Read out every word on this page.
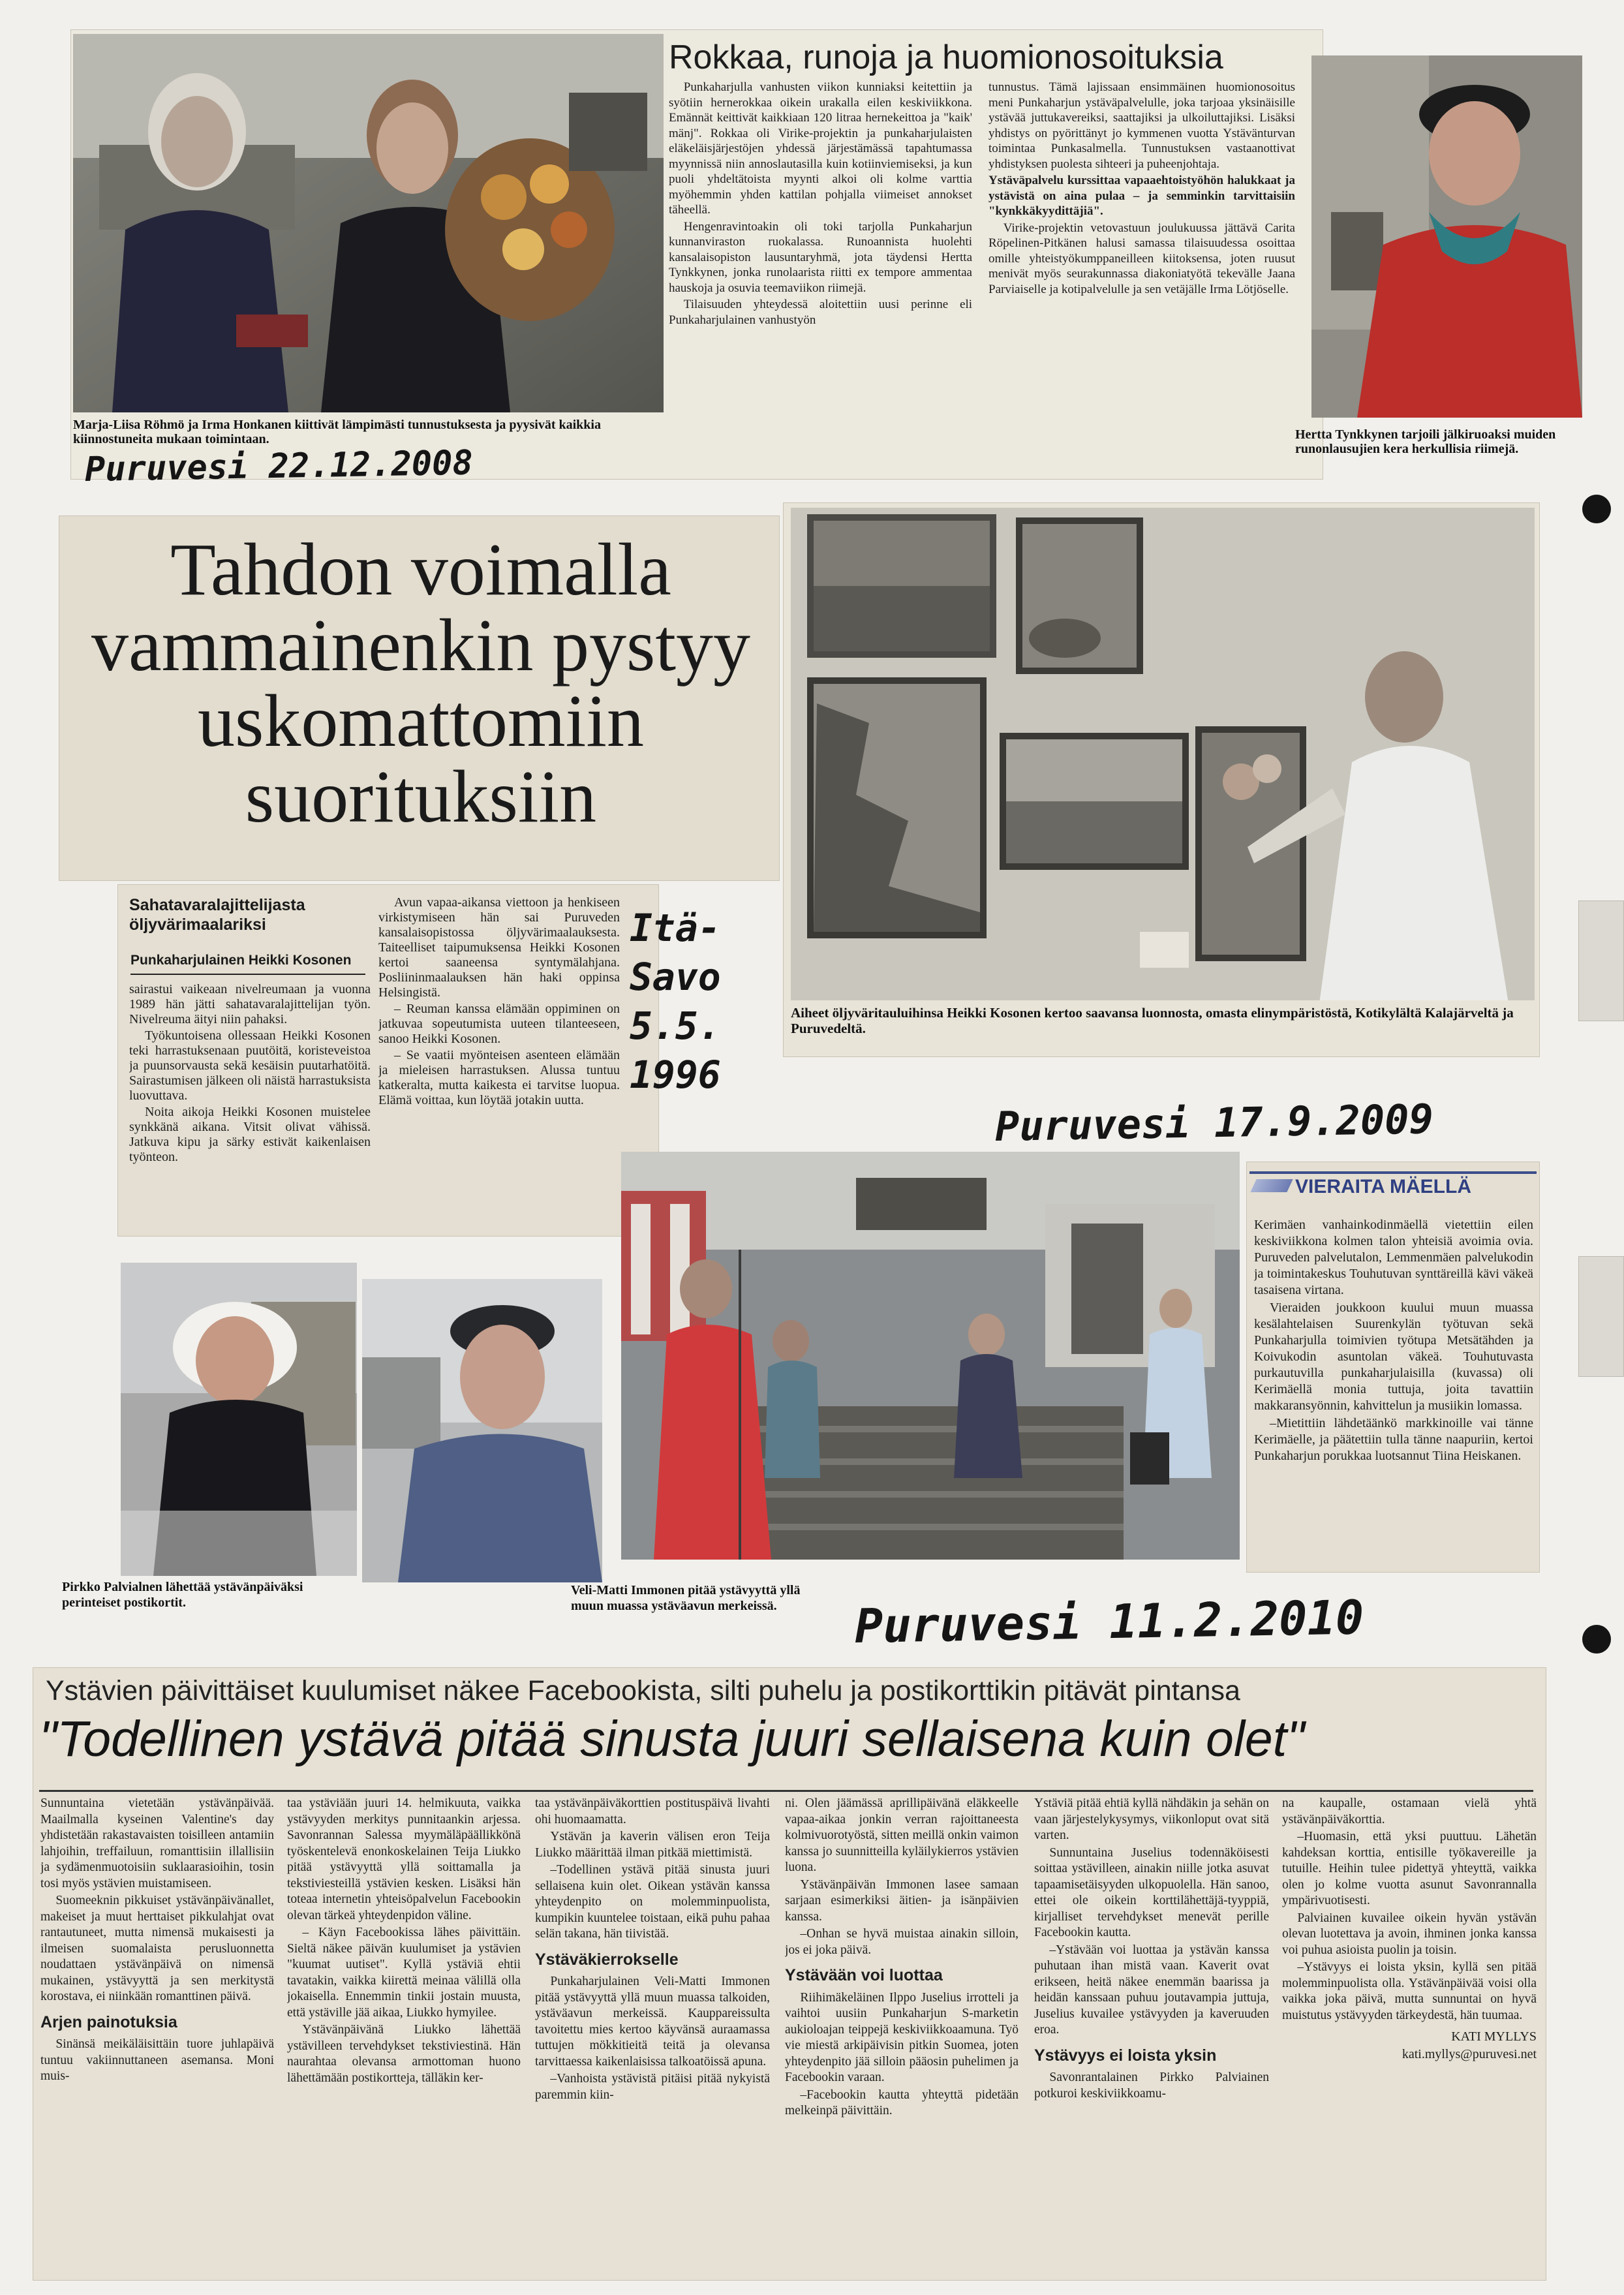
Marja-Liisa Röhmö ja Irma Honkanen kiittivät lämpimästi tunnustuksesta ja pyysivät kaikkia kiinnostuneita mukaan toimintaan.
Rokkaa, runoja ja huomionosoituksia

Punkaharjulla vanhusten viikon kunniaksi keitettiin ja syötiin hernerokkaa oikein urakalla eilen keskiviikkona. Emännät keittivät kaikkiaan 120 litraa hernekeittoa ja "kaik' mänj". Rokkaa oli Virike-projektin ja punkaharjulaisten eläkeläisjärjestöjen yhdessä järjestämässä tapahtumassa myynnissä niin annoslautasilla kuin kotiinviemiseksi, ja kun puoli yhdeltätoista myynti alkoi oli kolme varttia myöhemmin yhden kattilan pohjalla viimeiset annokset täheellä.

Hengenravintoakin oli toki tarjolla Punkaharjun kunnanviraston ruokalassa. Runoannista huolehti kansalaisopiston lausuntaryhmä, jota täydensi Hertta Tynkkynen, jonka runolaarista riitti ex tempore ammentaa hauskoja ja osuvia teemaviikon riimejä.

Tilaisuuden yhteydessä aloitettiin uusi perinne eli Punkaharjulainen vanhustyön

tunnustus. Tämä lajissaan ensimmäinen huomionosoitus meni Punkaharjun ystäväpalvelulle, joka tarjoaa yksinäisille ystävää juttukavereiksi, saattajiksi ja ulkoiluttajiksi. Lisäksi yhdistys on pyörittänyt jo kymmenen vuotta Ystävänturvan toimintaa Punkasalmella. Tunnustuksen vastaanottivat yhdistyksen puolesta sihteeri ja puheenjohtaja.

Ystäväpalvelu kurssittaa vapaaehtoistyöhön halukkaat ja ystävistä on aina pulaa – ja semminkin tarvittaisiin "kynkkäkyydittäjiä".

Virike-projektin vetovastuun joulukuussa jättävä Carita Röpelinen-Pitkänen halusi samassa tilaisuudessa osoittaa omille yhteistyökumppaneilleen kiitoksensa, joten ruusut menivät myös seurakunnassa diakoniatyötä tekevälle Jaana Parviaiselle ja kotipalvelulle ja sen vetäjälle Irma Lötjöselle.

Hertta Tynkkynen tarjoili jälkiruoaksi muiden runonlausujien kera herkullisia riimejä.
Puruvesi 22.12.2008
Tahdon voimalla vammainenkin pystyy uskomattomiin suorituksiin
Sahatavaralajittelijasta öljyvärimaalariksi
Punkaharjulainen Heikki Kosonen

sairastui vaikeaan nivelreumaan ja vuonna 1989 hän jätti sahatavaralajittelijan työn. Nivelreuma äityi niin pahaksi.

Työkuntoisena ollessaan Heikki Kosonen teki harrastuksenaan puutöitä, koristeveistoa ja puunsorvausta sekä kesäisin puutarhatöitä. Sairastumisen jälkeen oli näistä harrastuksista luovuttava.

Noita aikoja Heikki Kosonen muistelee synkkänä aikana. Vitsit olivat vähissä. Jatkuva kipu ja särky estivät kaikenlaisen työnteon.

Avun vapaa-aikansa viettoon ja henkiseen virkistymiseen hän sai Puruveden kansalaisopistossa öljyvärimaalauksesta. Taiteelliset taipumuksensa Heikki Kosonen kertoi saaneensa syntymälahjana. Posliininmaalauksen hän haki oppinsa Helsingistä.

– Reuman kanssa elämään oppiminen on jatkuvaa sopeutumista uuteen tilanteeseen, sanoo Heikki Kosonen.

– Se vaatii myönteisen asenteen elämään ja mieleisen harrastuksen. Alussa tuntuu katkeralta, mutta kaikesta ei tarvitse luopua. Elämä voittaa, kun löytää jotakin uutta.

Itä-
Savo
5.5.
1996
Aiheet öljyväritauluihinsa Heikki Kosonen kertoo saavansa luonnosta, omasta elinympäristöstä, Kotikylältä Kalajärveltä ja Puruvedeltä.
Puruvesi 17.9.2009
VIERAITA MÄELLÄ

Kerimäen vanhainkodinmäellä vietettiin eilen keskiviikkona kolmen talon yhteisiä avoimia ovia. Puruveden palvelutalon, Lemmenmäen palvelukodin ja toimintakeskus Touhutuvan synttäreillä kävi väkeä tasaisena virtana.

Vieraiden joukkoon kuului muun muassa kesälahtelaisen Suurenkylän työtuvan sekä Punkaharjulla toimivien työtupa Metsätähden ja Koivukodin asuntolan väkeä. Touhutuvasta purkautuvilla punkaharjulaisilla (kuvassa) oli Kerimäellä monia tuttuja, joita tavattiin makkaransyönnin, kahvittelun ja musiikin lomassa.

–Mietittiin lähdetäänkö markkinoille vai tänne Kerimäelle, ja päätettiin tulla tänne naapuriin, kertoi Punkaharjun porukkaa luotsannut Tiina Heiskanen.

Pirkko Palvialnen lähettää ystävänpäiväksi perinteiset postikortit.
Veli-Matti Immonen pitää ystävyyttä yllä muun muassa ystäväavun merkeissä.	Puruvesi 11.2.2010
Ystävien päivittäiset kuulumiset näkee Facebookista, silti puhelu ja postikorttikin pitävät pintansa
"Todellinen ystävä pitää sinusta juuri sellaisena kuin olet"

Sunnuntaina vietetään ystävänpäivää. Maailmalla kyseinen Valentine's day yhdistetään rakastavaisten toisilleen antamiin lahjoihin, treffailuun, romanttisiin illallisiin ja sydämenmuotoisiin suklaarasioihin, tosin tosi myös ystävien muistamiseen.

Suomeeknin pikkuiset ystävänpäivänallet, makeiset ja muut herttaiset pikkulahjat ovat rantautuneet, mutta nimensä mukaisesti ja ilmeisen suomalaista perusluonnetta noudattaen ystävänpäivä on nimensä mukainen, ystävyyttä ja sen merkitystä korostava, ei niinkään romanttinen päivä.

Arjen painotuksia

Sinänsä meikäläisittäin tuore juhlapäivä tuntuu vakiinnuttaneen asemansa. Moni muis-

taa ystäviään juuri 14. helmikuuta, vaikka ystävyyden merkitys punnitaankin arjessa. Savonrannan Salessa myymäläpäällikkönä työskentelevä enonkoskelainen Teija Liukko pitää ystävyyttä yllä soittamalla ja tekstiviesteillä ystävien kesken. Lisäksi hän toteaa internetin yhteisöpalvelun Facebookin olevan tärkeä yhteydenpidon väline.

– Käyn Facebookissa lähes päivittäin. Sieltä näkee päivän kuulumiset ja ystävien "kuumat uutiset". Kyllä ystäviä ehtii tavatakin, vaikka kiirettä meinaa välillä olla jokaisella. Ennemmin tinkii jostain muusta, että ystäville jää aikaa, Liukko hymyilee.

Ystävänpäivänä Liukko lähettää ystävilleen tervehdykset tekstiviestinä. Hän naurahtaa olevansa armottoman huono lähettämään postikortteja, tälläkin ker-

taa ystävänpäiväkorttien postituspäivä livahti ohi huomaamatta.

Ystävän ja kaverin välisen eron Teija Liukko määrittää ilman pitkää miettimistä.

–Todellinen ystävä pitää sinusta juuri sellaisena kuin olet. Oikean ystävän kanssa yhteydenpito on molemminpuolista, kumpikin kuuntelee toistaan, eikä puhu pahaa selän takana, hän tiivistää.

Ystäväkierrokselle

Punkaharjulainen Veli-Matti Immonen pitää ystävyyttä yllä muun muassa talkoiden, ystäväavun merkeissä. Kauppareissulta tavoitettu mies kertoo käyvänsä auraamassa tuttujen mökkitieitä teitä ja olevansa tarvittaessa kaikenlaisissa talkoatöissä apuna.

–Vanhoista ystävistä pitäisi pitää nykyistä paremmin kiin-

ni. Olen jäämässä aprillipäivänä eläkkeelle vapaa-aikaa jonkin verran rajoittaneesta kolmivuorotyöstä, sitten meillä onkin vaimon kanssa jo suunnitteilla kyläilykierros ystävien luona.

Ystävänpäivän Immonen lasee samaan sarjaan esimerkiksi äitien- ja isänpäivien kanssa.

–Onhan se hyvä muistaa ainakin silloin, jos ei joka päivä.

Ystävään voi luottaa

Riihimäkeläinen Ilppo Juselius irrotteli ja vaihtoi uusiin Punkaharjun S-marketin aukioloajan teippejä keskiviikkoaamuna. Työ vie miestä arkipäivisin pitkin Suomea, joten yhteydenpito jää silloin pääosin puhelimen ja Facebookin varaan.

–Facebookin kautta yhteyttä pidetään melkeinpä päivittäin.

Ystäviä pitää ehtiä kyllä nähdäkin ja sehän on vaan järjestelykysymys, viikonloput ovat sitä varten.

Sunnuntaina Juselius todennäköisesti soittaa ystävilleen, ainakin niille jotka asuvat tapaamisetäisyyden ulkopuolella. Hän sanoo, ettei ole oikein korttilähettäjä-tyyppiä, kirjalliset tervehdykset menevät perille Facebookin kautta.

–Ystävään voi luottaa ja ystävän kanssa puhutaan ihan mistä vaan. Kaverit ovat erikseen, heitä näkee enemmän baarissa ja heidän kanssaan puhuu joutavampia juttuja, Juselius kuvailee ystävyyden ja kaveruuden eroa.

Ystävyys ei loista yksin

Savonrantalainen Pirkko Palviainen potkuroi keskiviikkoamu-

na kaupalle, ostamaan vielä yhtä ystävänpäiväkorttia.

–Huomasin, että yksi puuttuu. Lähetän kahdeksan korttia, entisille työkavereille ja tutuille. Heihin tulee pidettyä yhteyttä, vaikka olen jo kolme vuotta asunut Savonrannalla ympärivuotisesti.

Palviainen kuvailee oikein hyvän ystävän olevan luotettava ja avoin, ihminen jonka kanssa voi puhua asioista puolin ja toisin.

–Ystävyys ei loista yksin, kyllä sen pitää molemminpuolista olla. Ystävänpäivää voisi olla vaikka joka päivä, mutta sunnuntai on hyvä muistutus ystävyyden tärkeydestä, hän tuumaa.

KATI MYLLYS

kati.myllys@puruvesi.net
